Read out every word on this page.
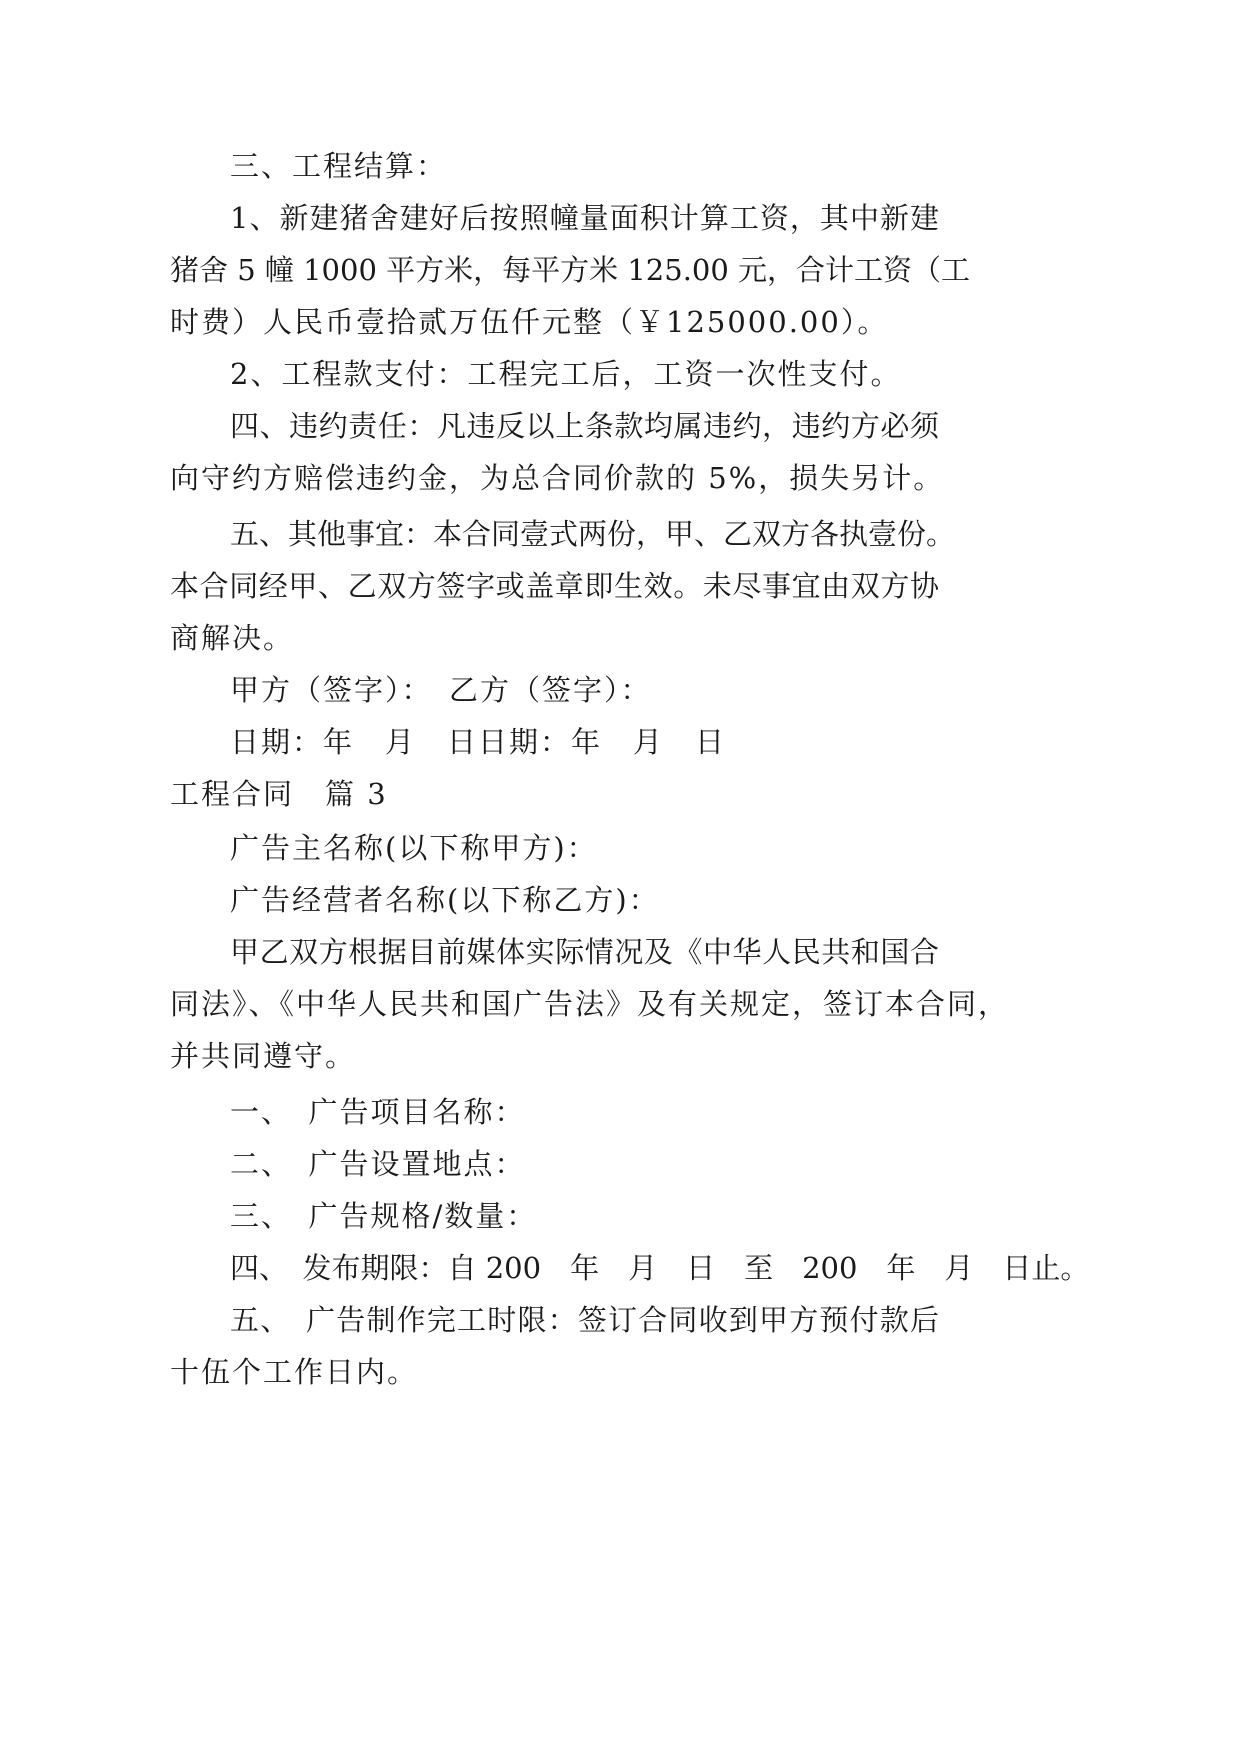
三、工程结算：
1、新建猪舍建好后按照幢量面积计算工资，其中新建
猪舍 5 幢 1000 平方米，每平方米 125.00 元，合计工资（工
时费）人民币壹拾贰万伍仟元整（￥125000.00）。
2、工程款支付：工程完工后，工资一次性支付。
四、违约责任：凡违反以上条款均属违约，违约方必须
向守约方赔偿违约金，为总合同价款的 5%，损失另计。
五、其他事宜：本合同壹式两份，甲、乙双方各执壹份。
本合同经甲、乙双方签字或盖章即生效。未尽事宜由双方协
商解决。
甲方（签字）：　乙方（签字）：
日期：年　月　日日期：年　月　日
工程合同　篇 3
广告主名称(以下称甲方)：
广告经营者名称(以下称乙方)：
甲乙双方根据目前媒体实际情况及《中华人民共和国合
同法》、《中华人民共和国广告法》及有关规定，签订本合同，
并共同遵守。
一、　广告项目名称：
二、　广告设置地点：
三、　广告规格/数量：
四、　发布期限：自 200　年　月　日　至　200　年　月　日止。
五、　广告制作完工时限：签订合同收到甲方预付款后
十伍个工作日内。
